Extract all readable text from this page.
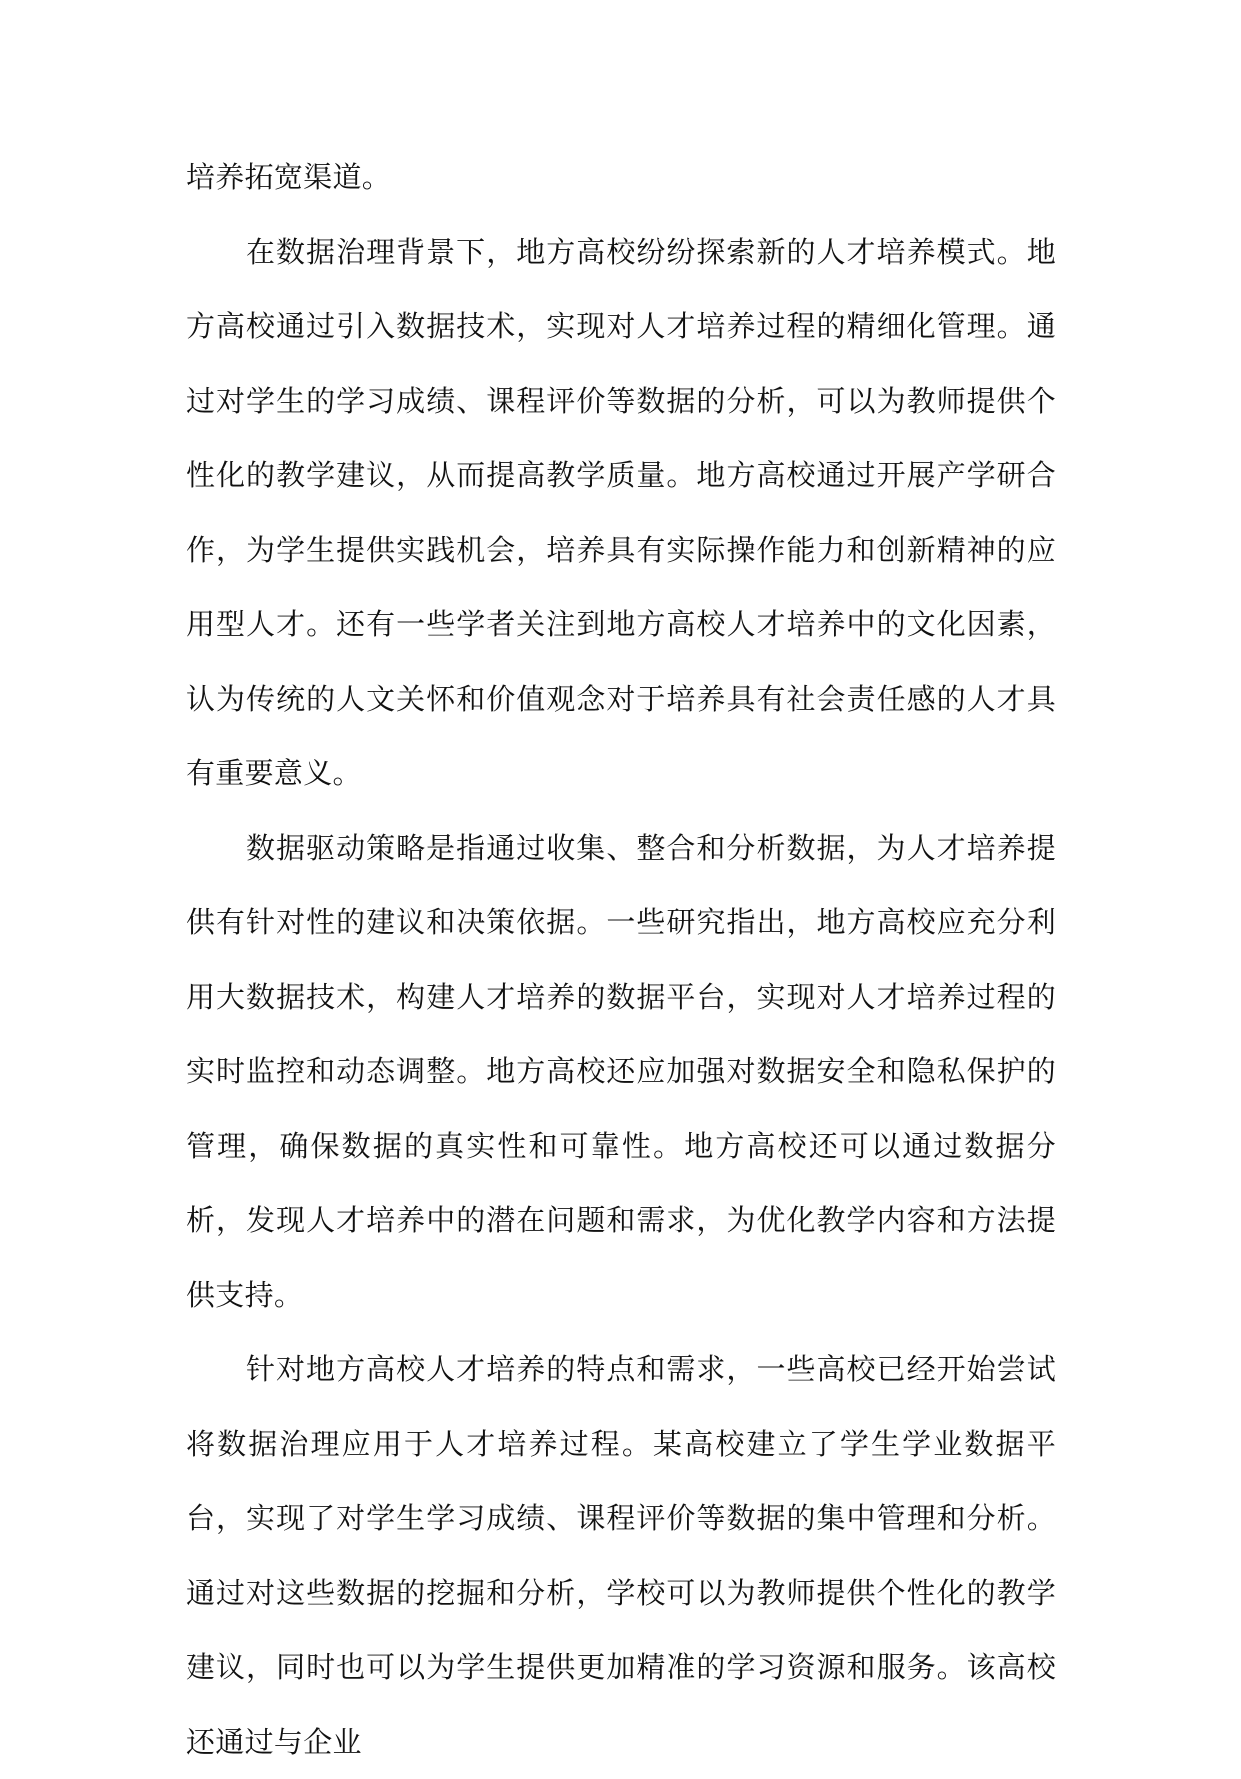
培养拓宽渠道。

在数据治理背景下，地方高校纷纷探索新的人才培养模式。地方高校通过引入数据技术，实现对人才培养过程的精细化管理。通过对学生的学习成绩、课程评价等数据的分析，可以为教师提供个性化的教学建议，从而提高教学质量。地方高校通过开展产学研合作，为学生提供实践机会，培养具有实际操作能力和创新精神的应用型人才。还有一些学者关注到地方高校人才培养中的文化因素，认为传统的人文关怀和价值观念对于培养具有社会责任感的人才具有重要意义。

数据驱动策略是指通过收集、整合和分析数据，为人才培养提供有针对性的建议和决策依据。一些研究指出，地方高校应充分利用大数据技术，构建人才培养的数据平台，实现对人才培养过程的实时监控和动态调整。地方高校还应加强对数据安全和隐私保护的管理，确保数据的真实性和可靠性。地方高校还可以通过数据分析，发现人才培养中的潜在问题和需求，为优化教学内容和方法提供支持。

针对地方高校人才培养的特点和需求，一些高校已经开始尝试将数据治理应用于人才培养过程。某高校建立了学生学业数据平台，实现了对学生学习成绩、课程评价等数据的集中管理和分析。通过对这些数据的挖掘和分析，学校可以为教师提供个性化的教学建议，同时也可以为学生提供更加精准的学习资源和服务。该高校还通过与企业
